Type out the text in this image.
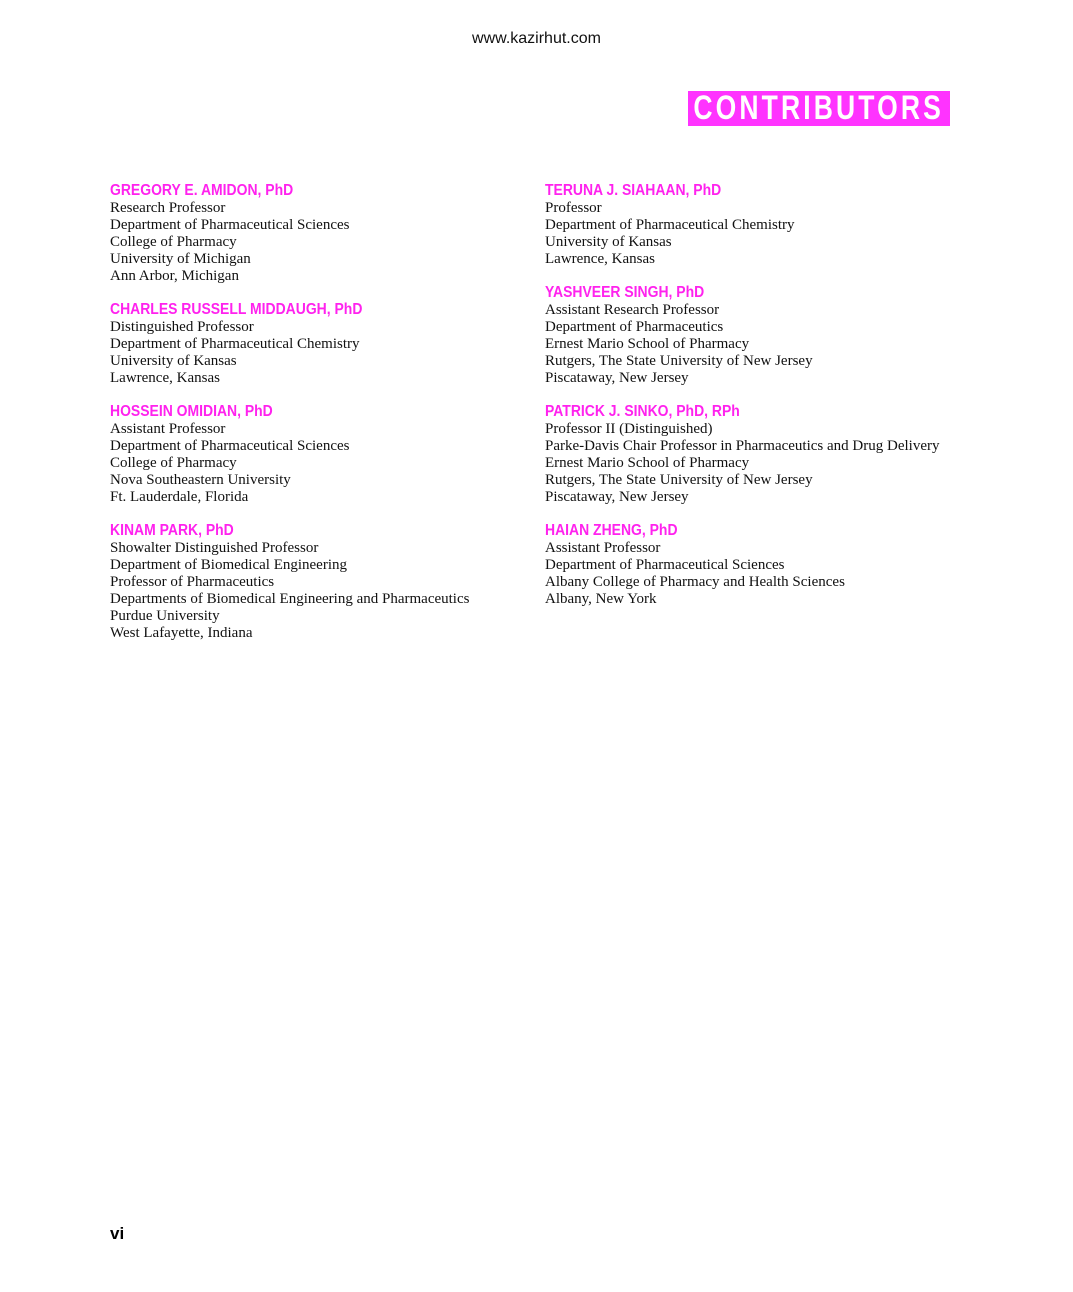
www.kazirhut.com
CONTRIBUTORS
GREGORY E. AMIDON, PhD
Research Professor
Department of Pharmaceutical Sciences
College of Pharmacy
University of Michigan
Ann Arbor, Michigan
CHARLES RUSSELL MIDDAUGH, PhD
Distinguished Professor
Department of Pharmaceutical Chemistry
University of Kansas
Lawrence, Kansas
HOSSEIN OMIDIAN, PhD
Assistant Professor
Department of Pharmaceutical Sciences
College of Pharmacy
Nova Southeastern University
Ft. Lauderdale, Florida
KINAM PARK, PhD
Showalter Distinguished Professor
Department of Biomedical Engineering
Professor of Pharmaceutics
Departments of Biomedical Engineering and Pharmaceutics
Purdue University
West Lafayette, Indiana
TERUNA J. SIAHAAN, PhD
Professor
Department of Pharmaceutical Chemistry
University of Kansas
Lawrence, Kansas
YASHVEER SINGH, PhD
Assistant Research Professor
Department of Pharmaceutics
Ernest Mario School of Pharmacy
Rutgers, The State University of New Jersey
Piscataway, New Jersey
PATRICK J. SINKO, PhD, RPh
Professor II (Distinguished)
Parke-Davis Chair Professor in Pharmaceutics and Drug Delivery
Ernest Mario School of Pharmacy
Rutgers, The State University of New Jersey
Piscataway, New Jersey
HAIAN ZHENG, PhD
Assistant Professor
Department of Pharmaceutical Sciences
Albany College of Pharmacy and Health Sciences
Albany, New York
vi
